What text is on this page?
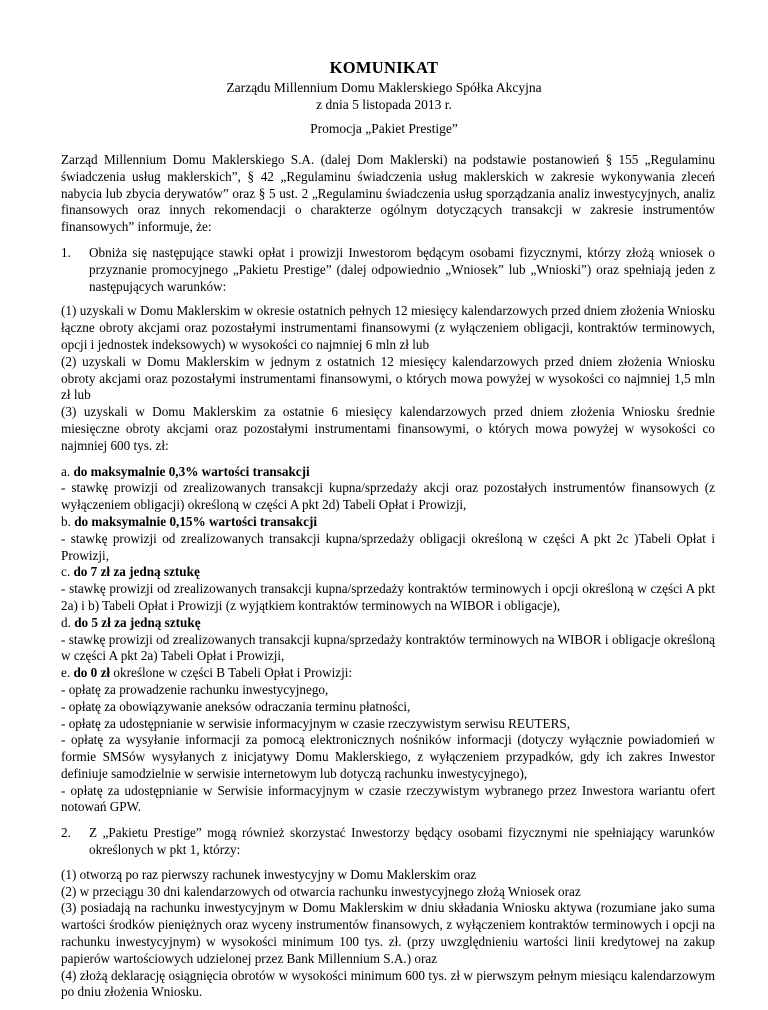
KOMUNIKAT
Zarządu Millennium Domu Maklerskiego Spółka Akcyjna
z dnia 5 listopada 2013 r.
Promocja „Pakiet Prestige”

Zarząd Millennium Domu Maklerskiego S.A. (dalej Dom Maklerski) na podstawie postanowień § 155 „Regulaminu świadczenia usług maklerskich”, § 42 „Regulaminu świadczenia usług maklerskich w zakresie wykonywania zleceń nabycia lub zbycia derywatów” oraz § 5 ust. 2 „Regulaminu świadczenia usług sporządzania analiz inwestycyjnych, analiz finansowych oraz innych rekomendacji o charakterze ogólnym dotyczących transakcji w zakresie instrumentów finansowych” informuje, że:

1.	Obniża się następujące stawki opłat i prowizji Inwestorom będącym osobami fizycznymi, którzy złożą wniosek o przyznanie promocyjnego „Pakietu Prestige” (dalej odpowiednio „Wniosek” lub „Wnioski”) oraz spełniają jeden z następujących warunków:

(1) uzyskali w Domu Maklerskim w okresie ostatnich pełnych 12 miesięcy kalendarzowych przed dniem złożenia Wniosku łączne obroty akcjami oraz pozostałymi instrumentami finansowymi (z wyłączeniem obligacji, kontraktów terminowych, opcji i jednostek indeksowych) w wysokości co najmniej 6 mln zł lub

(2) uzyskali w Domu Maklerskim w jednym z ostatnich 12 miesięcy kalendarzowych przed dniem złożenia Wniosku obroty akcjami oraz pozostałymi instrumentami finansowymi, o których mowa powyżej w wysokości co najmniej 1,5 mln zł lub

(3) uzyskali w Domu Maklerskim za ostatnie 6 miesięcy kalendarzowych przed dniem złożenia Wniosku średnie miesięczne obroty akcjami oraz pozostałymi instrumentami finansowymi, o których mowa powyżej w wysokości co najmniej 600 tys. zł:

a. do maksymalnie 0,3% wartości transakcji

- stawkę prowizji od zrealizowanych transakcji kupna/sprzedaży akcji oraz pozostałych instrumentów finansowych (z wyłączeniem obligacji) określoną w części A pkt 2d) Tabeli Opłat i Prowizji,

b. do maksymalnie 0,15% wartości transakcji

- stawkę prowizji od zrealizowanych transakcji kupna/sprzedaży obligacji określoną w części A pkt 2c )Tabeli Opłat i Prowizji,

c. do 7 zł za jedną sztukę

- stawkę prowizji od zrealizowanych transakcji kupna/sprzedaży kontraktów terminowych i opcji określoną w części A pkt 2a) i b) Tabeli Opłat i Prowizji (z wyjątkiem kontraktów terminowych na WIBOR i obligacje),

d. do 5 zł za jedną sztukę

- stawkę prowizji od zrealizowanych transakcji kupna/sprzedaży kontraktów terminowych na WIBOR i obligacje określoną w części A pkt 2a) Tabeli Opłat i Prowizji,

e. do 0 zł określone w części B Tabeli Opłat i Prowizji:

- opłatę za prowadzenie rachunku inwestycyjnego,

- opłatę za obowiązywanie aneksów odraczania terminu płatności,

- opłatę za udostępnianie w serwisie informacyjnym w czasie rzeczywistym serwisu REUTERS,

- opłatę za wysyłanie informacji za pomocą elektronicznych nośników informacji (dotyczy wyłącznie powiadomień w formie SMSów wysyłanych z inicjatywy Domu Maklerskiego, z wyłączeniem przypadków, gdy ich zakres Inwestor definiuje samodzielnie w serwisie internetowym lub dotyczą rachunku inwestycyjnego),

- opłatę za udostępnianie w Serwisie informacyjnym w czasie rzeczywistym wybranego przez Inwestora wariantu ofert notowań GPW.

2.	Z „Pakietu Prestige” mogą również skorzystać Inwestorzy będący osobami fizycznymi nie spełniający warunków określonych w pkt 1, którzy:

(1) otworzą po raz pierwszy rachunek inwestycyjny w Domu Maklerskim oraz

(2) w przeciągu 30 dni kalendarzowych od otwarcia rachunku inwestycyjnego złożą Wniosek oraz

(3) posiadają na rachunku inwestycyjnym w Domu Maklerskim w dniu składania Wniosku aktywa (rozumiane jako suma wartości środków pieniężnych oraz wyceny instrumentów finansowych, z wyłączeniem kontraktów terminowych i opcji na rachunku inwestycyjnym) w wysokości minimum 100 tys. zł. (przy uwzględnieniu wartości linii kredytowej na zakup papierów wartościowych udzielonej przez Bank Millennium S.A.) oraz

(4) złożą deklarację osiągnięcia obrotów w wysokości minimum 600 tys. zł w pierwszym pełnym miesiącu kalendarzowym po dniu złożenia Wniosku.
